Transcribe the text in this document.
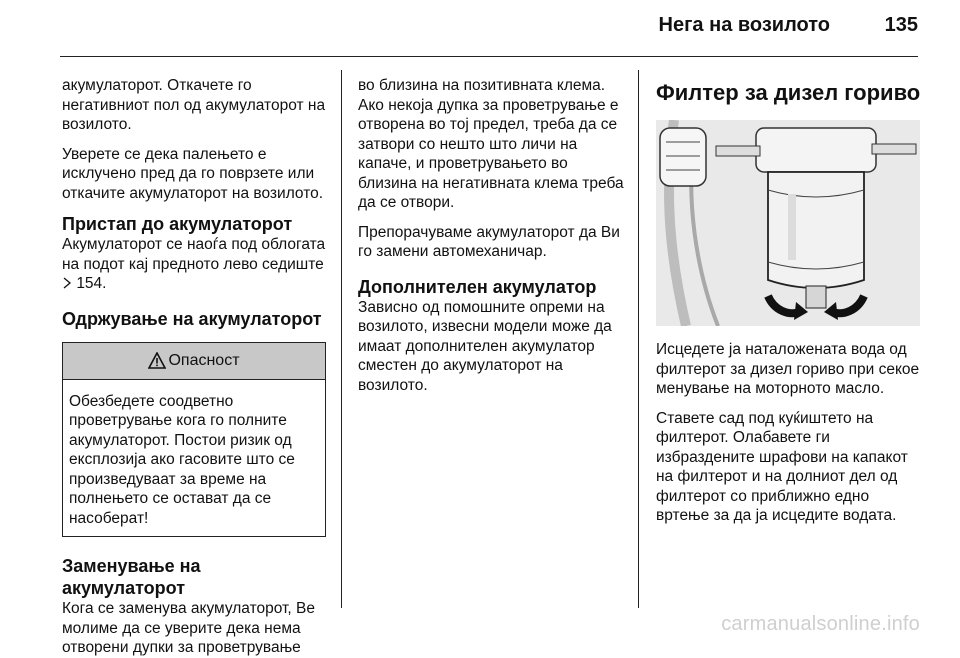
Нега на возилото	135

акумулаторот. Откачете го негативниот пол од акумулаторот на возилото.

Уверете се дека палењето е исклучено пред да го поврзете или откачите акумулаторот на возилото.

Пристап до акумулаторот
Акумулаторот се наоѓа под облогата на подот кај предното лево седиште  154.
Одржување на акумулаторот
Опасност
Обезбедете соодветно проветрување кога го полните акумулаторот. Постои ризик од експлозија ако гасовите што се произведуваат за време на полнењето се остават да се насоберат!
Заменување на акумулаторот
Кога се заменува акумулаторот, Ве молиме да се уверите дека нема отворени дупки за проветрување

во близина на позитивната клема. Ако некоја дупка за проветрување е отворена во тој предел, треба да се затвори со нешто што личи на капаче, и проветрувањето во близина на негативната клема треба да се отвори.

Препорачуваме акумулаторот да Ви го замени автомеханичар.

Дополнителен акумулатор
Зависно од помошните опреми на возилото, извесни модели може да имаат дополнителен акумулатор сместен до акумулаторот на возилото.
Филтер за дизел гориво

Исцедете ја наталожената вода од филтерот за дизел гориво при секое менување на моторното масло.

Ставете сад под куќиштето на филтерот. Олабавете ги избраздените шрафови на капакот на филтерот и на долниот дел од филтерот со приближно едно вртење за да ја исцедите водата.

carmanualsonline.info
